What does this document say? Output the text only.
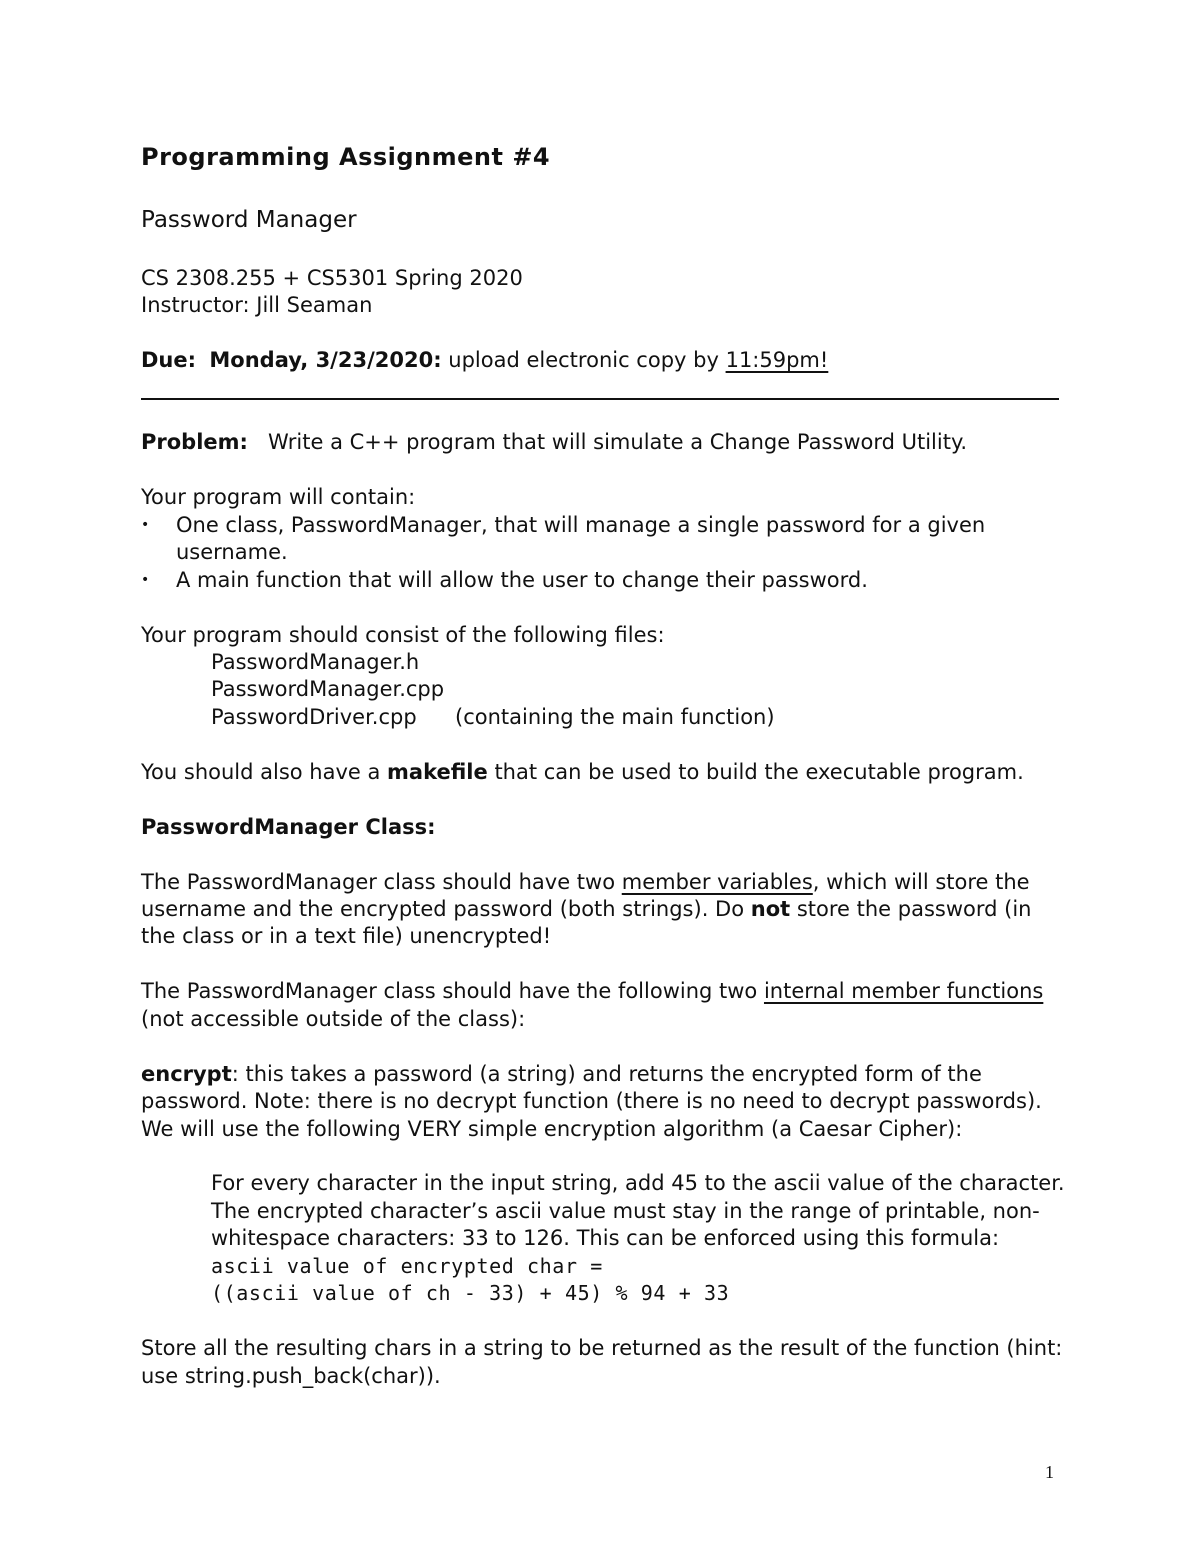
Programming Assignment #4
Password Manager
CS 2308.255 + CS5301 Spring 2020
Instructor: Jill Seaman
Due: Monday, 3/23/2020: upload electronic copy by 11:59pm!
Problem: Write a C++ program that will simulate a Change Password Utility.
Your program will contain:
• One class, PasswordManager, that will manage a single password for a given
username.
• A main function that will allow the user to change their password.
Your program should consist of the following files:
PasswordManager.h
PasswordManager.cpp
PasswordDriver.cpp (containing the main function)
You should also have a makefile that can be used to build the executable program.
PasswordManager Class:
The PasswordManager class should have two member variables, which will store the
username and the encrypted password (both strings). Do not store the password (in
the class or in a text file) unencrypted!
The PasswordManager class should have the following two internal member functions
(not accessible outside of the class):
encrypt: this takes a password (a string) and returns the encrypted form of the
password. Note: there is no decrypt function (there is no need to decrypt passwords).
We will use the following VERY simple encryption algorithm (a Caesar Cipher):
For every character in the input string, add 45 to the ascii value of the character.
The encrypted character’s ascii value must stay in the range of printable, non-
whitespace characters: 33 to 126. This can be enforced using this formula:
ascii value of encrypted char =
((ascii value of ch - 33) + 45) % 94 + 33
Store all the resulting chars in a string to be returned as the result of the function (hint:
use string.push_back(char)).
1
